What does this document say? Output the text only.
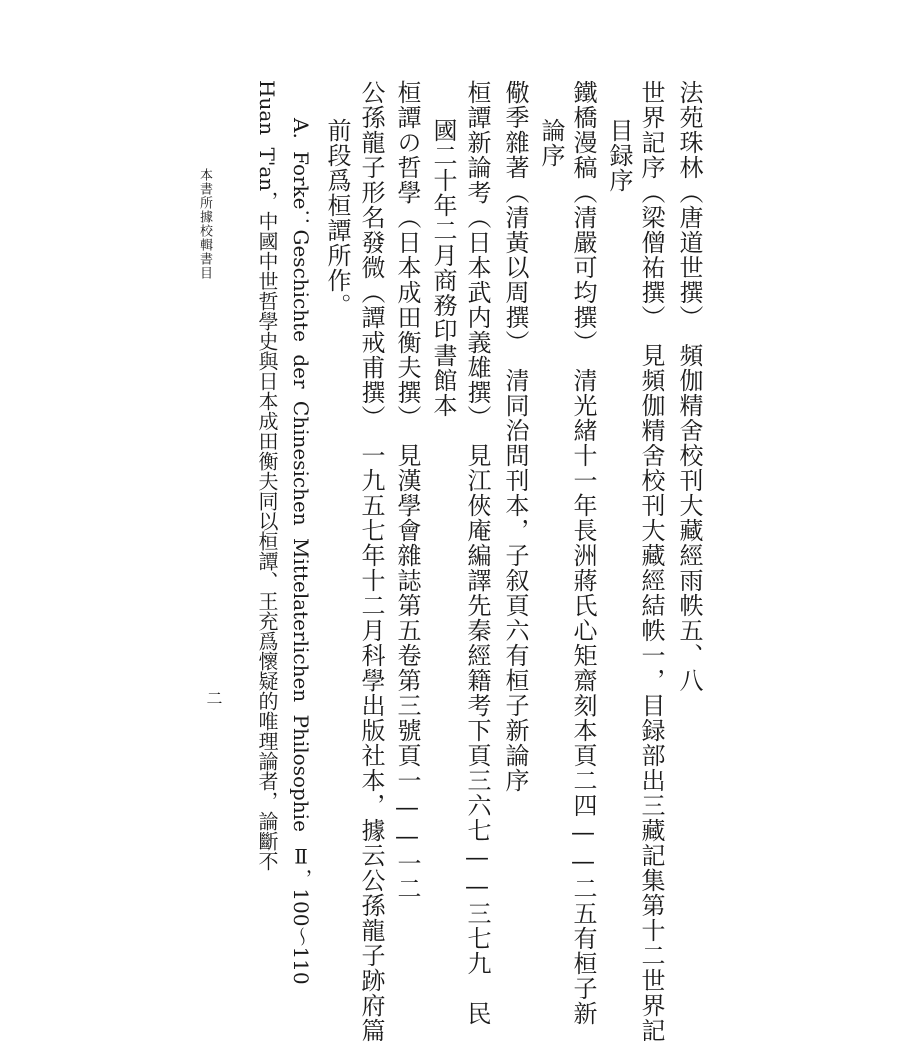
法苑珠林（唐道世撰）　頻伽精舍校刊大藏經雨帙五、八
世界記序（梁僧祐撰）　見頻伽精舍校刊大藏經結帙一，目録部出三藏記集第十二世界記
目録序
鐵橋漫稿（清嚴可均撰）　清光緒十一年長洲蔣氏心矩齋刻本頁二四——二五有桓子新
論序
儆季雜著（清黃以周撰）　清同治問刊本，子叙頁六有桓子新論序
桓譚新論考（日本武内義雄撰）　見江俠庵編譯先秦經籍考下頁三六七——三七九　民
國二十年二月商務印書館本
桓譚の哲學（日本成田衡夫撰）　見漢學會雜誌第五卷第三號頁一——一二
公孫龍子形名發微（譚戒甫撰）　一九五七年十二月科學出版社本，據云公孫龍子跡府篇
前段爲桓譚所作。
A. Forke：Geschichte der Chinesichen Mittelaterlichen Philosophie Ⅱ，100～110
Huan T'an，中國中世哲學史與日本成田衡夫同以桓譚、王充爲懷疑的唯理論者，論斷不
本書所據校輯書目
二
